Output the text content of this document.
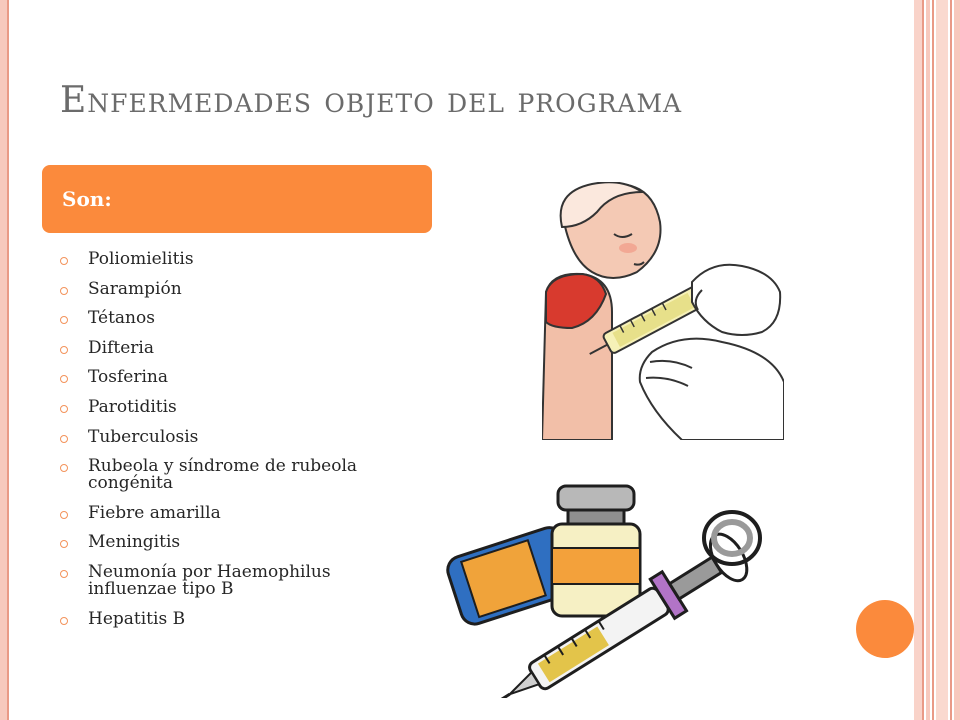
Enfermedades objeto del programa
Son:
Poliomielitis
Sarampión
Tétanos
Difteria
Tosferina
Parotiditis
Tuberculosis
Rubeola y síndrome de rubeola congénita
Fiebre amarilla
Meningitis
Neumonía por Haemophilus influenzae tipo B
Hepatitis B
